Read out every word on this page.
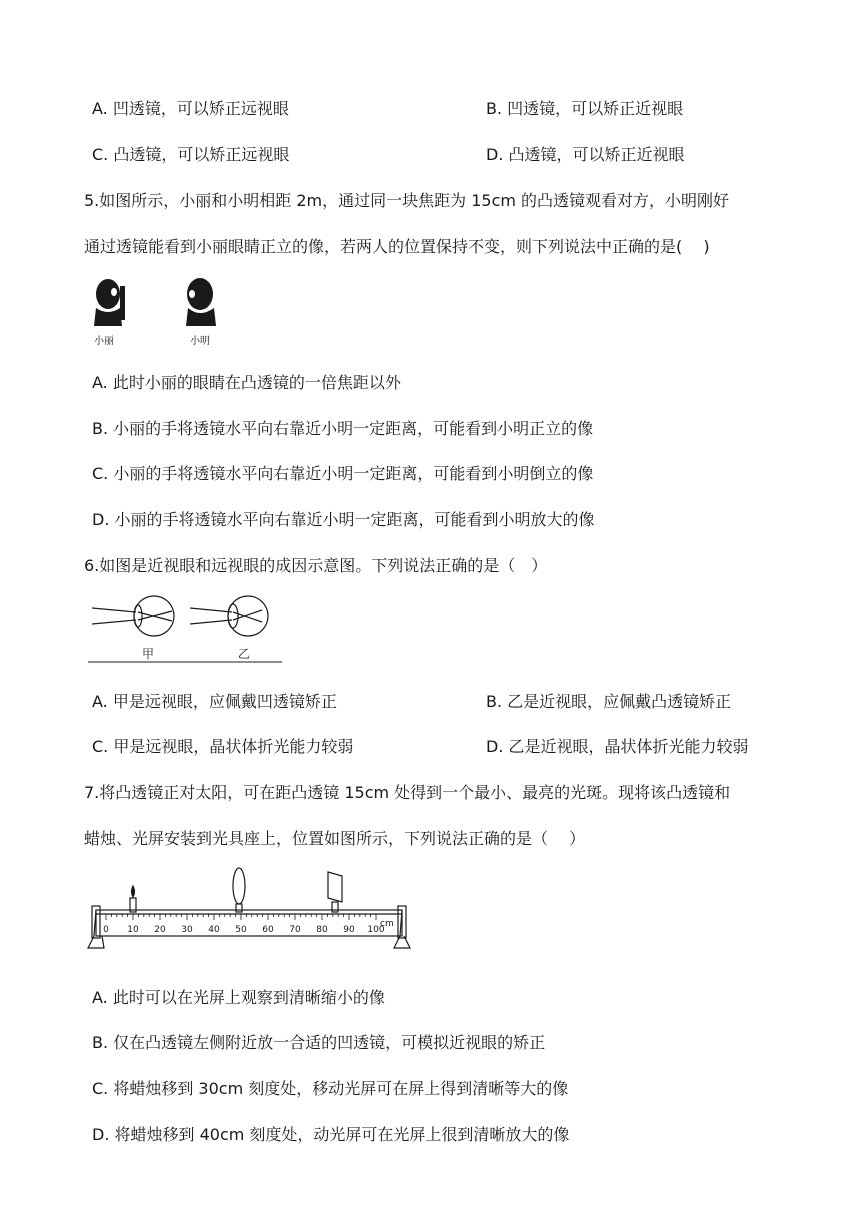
A. 凹透镜，可以矫正远视眼	B. 凹透镜，可以矫正近视眼
C. 凸透镜，可以矫正远视眼	D. 凸透镜，可以矫正近视眼
5.如图所示，小丽和小明相距 2m，通过同一块焦距为 15cm 的凸透镜观看对方，小明刚好
通过透镜能看到小丽眼睛正立的像，若两人的位置保持不变，则下列说法中正确的是(　 )
小丽	小明
A. 此时小丽的眼睛在凸透镜的一倍焦距以外
B. 小丽的手将透镜水平向右靠近小明一定距离，可能看到小明正立的像
C. 小丽的手将透镜水平向右靠近小明一定距离，可能看到小明倒立的像
D. 小丽的手将透镜水平向右靠近小明一定距离，可能看到小明放大的像
6.如图是近视眼和远视眼的成因示意图。下列说法正确的是（　）
甲	乙
A. 甲是远视眼，应佩戴凹透镜矫正	B. 乙是近视眼，应佩戴凸透镜矫正
C. 甲是远视眼，晶状体折光能力较弱	D. 乙是近视眼，晶状体折光能力较弱
7.将凸透镜正对太阳，可在距凸透镜 15cm 处得到一个最小、最亮的光斑。现将该凸透镜和
蜡烛、光屏安装到光具座上，位置如图所示，下列说法正确的是（　 ）
0 10 20 30 40 50 60 70 80 90 100
cm
A. 此时可以在光屏上观察到清晰缩小的像
B. 仅在凸透镜左侧附近放一合适的凹透镜，可模拟近视眼的矫正
C. 将蜡烛移到 30cm 刻度处，移动光屏可在屏上得到清晰等大的像
D. 将蜡烛移到 40cm 刻度处，动光屏可在光屏上很到清晰放大的像
